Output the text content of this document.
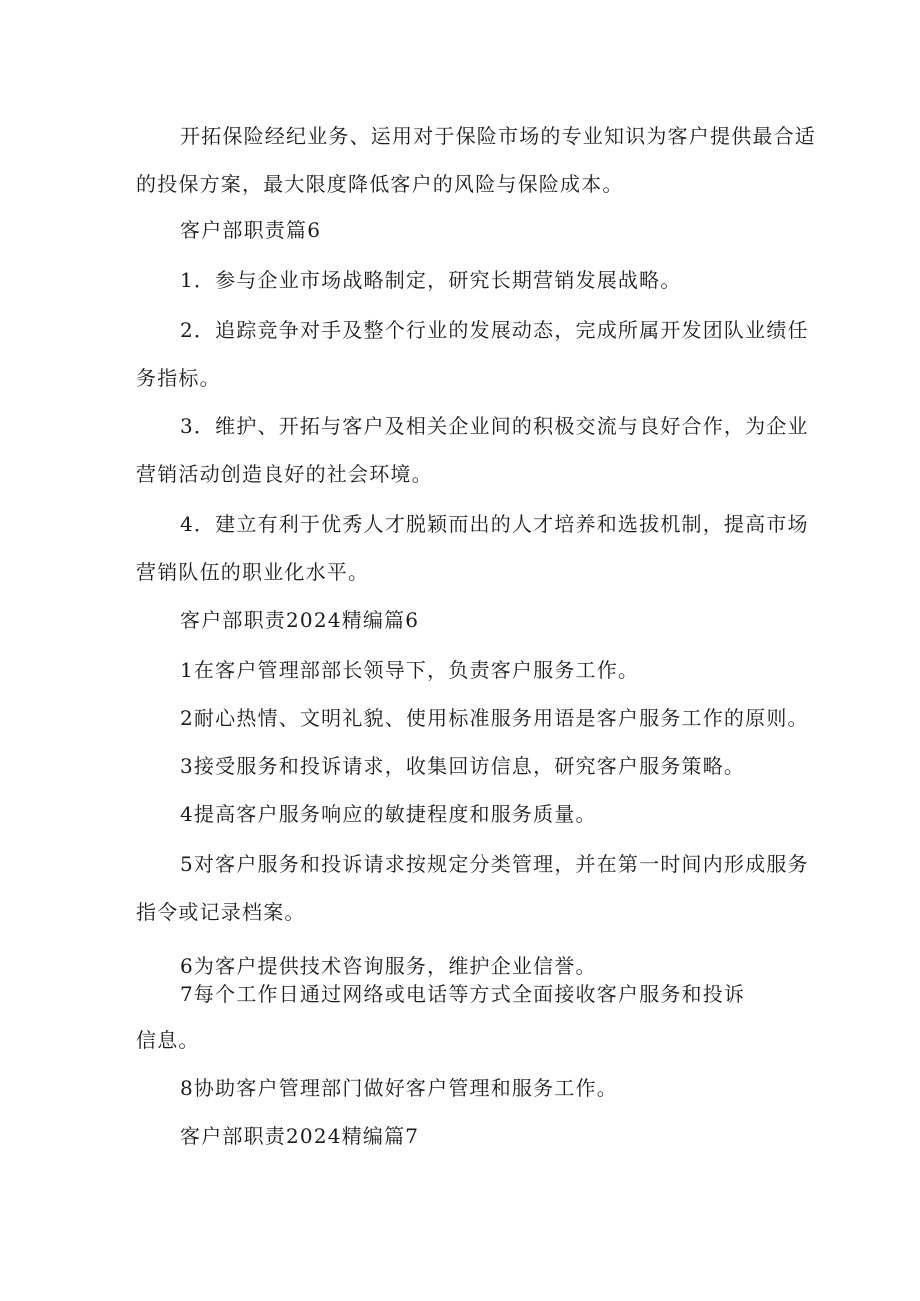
开拓保险经纪业务、运用对于保险市场的专业知识为客户提供最合适
的投保方案，最大限度降低客户的风险与保险成本。
客户部职责篇6
1．参与企业市场战略制定，研究长期营销发展战略。
2．追踪竞争对手及整个行业的发展动态，完成所属开发团队业绩任
务指标。
3．维护、开拓与客户及相关企业间的积极交流与良好合作，为企业
营销活动创造良好的社会环境。
4．建立有利于优秀人才脱颖而出的人才培养和选拔机制，提高市场
营销队伍的职业化水平。
客户部职责2024精编篇6
1在客户管理部部长领导下，负责客户服务工作。
2耐心热情、文明礼貌、使用标准服务用语是客户服务工作的原则。
3接受服务和投诉请求，收集回访信息，研究客户服务策略。
4提高客户服务响应的敏捷程度和服务质量。
5对客户服务和投诉请求按规定分类管理，并在第一时间内形成服务
指令或记录档案。
6为客户提供技术咨询服务，维护企业信誉。
7每个工作日通过网络或电话等方式全面接收客户服务和投诉
信息。
8协助客户管理部门做好客户管理和服务工作。
客户部职责2024精编篇7
